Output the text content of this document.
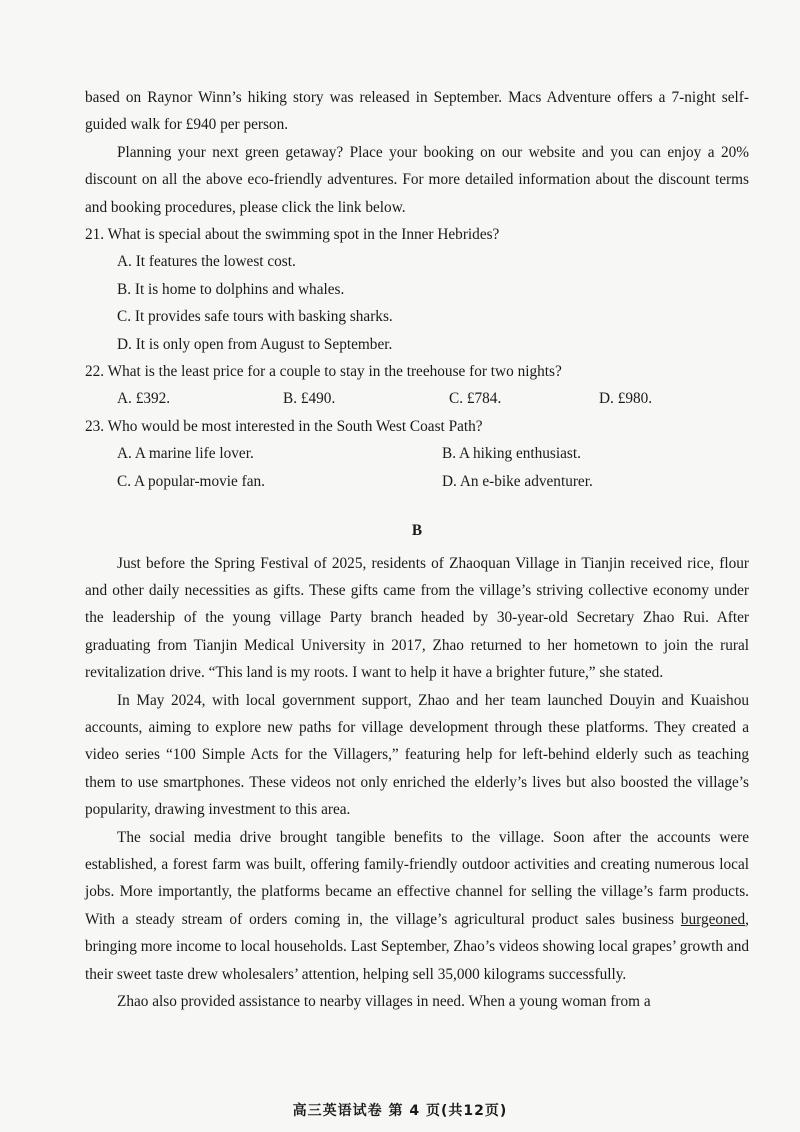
based on Raynor Winn’s hiking story was released in September. Macs Adventure offers a 7-night self-guided walk for £940 per person.

Planning your next green getaway? Place your booking on our website and you can enjoy a 20% discount on all the above eco-friendly adventures. For more detailed information about the discount terms and booking procedures, please click the link below.

21. What is special about the swimming spot in the Inner Hebrides?
A. It features the lowest cost.
B. It is home to dolphins and whales.
C. It provides safe tours with basking sharks.
D. It is only open from August to September.
22. What is the least price for a couple to stay in the treehouse for two nights?
A. £392.	B. £490.	C. £784.	D. £980.
23. Who would be most interested in the South West Coast Path?
A. A marine life lover.	B. A hiking enthusiast.
C. A popular-movie fan.	D. An e-bike adventurer.
B

Just before the Spring Festival of 2025, residents of Zhaoquan Village in Tianjin received rice, flour and other daily necessities as gifts. These gifts came from the village’s striving collective economy under the leadership of the young village Party branch headed by 30-year-old Secretary Zhao Rui. After graduating from Tianjin Medical University in 2017, Zhao returned to her hometown to join the rural revitalization drive. “This land is my roots. I want to help it have a brighter future,” she stated.

In May 2024, with local government support, Zhao and her team launched Douyin and Kuaishou accounts, aiming to explore new paths for village development through these platforms. They created a video series “100 Simple Acts for the Villagers,” featuring help for left-behind elderly such as teaching them to use smartphones. These videos not only enriched the elderly’s lives but also boosted the village’s popularity, drawing investment to this area.

The social media drive brought tangible benefits to the village. Soon after the accounts were established, a forest farm was built, offering family-friendly outdoor activities and creating numerous local jobs. More importantly, the platforms became an effective channel for selling the village’s farm products. With a steady stream of orders coming in, the village’s agricultural product sales business burgeoned, bringing more income to local households. Last September, Zhao’s videos showing local grapes’ growth and their sweet taste drew wholesalers’ attention, helping sell 35,000 kilograms successfully.

Zhao also provided assistance to nearby villages in need. When a young woman from a

高三英语试卷 第 4 页(共12页)
